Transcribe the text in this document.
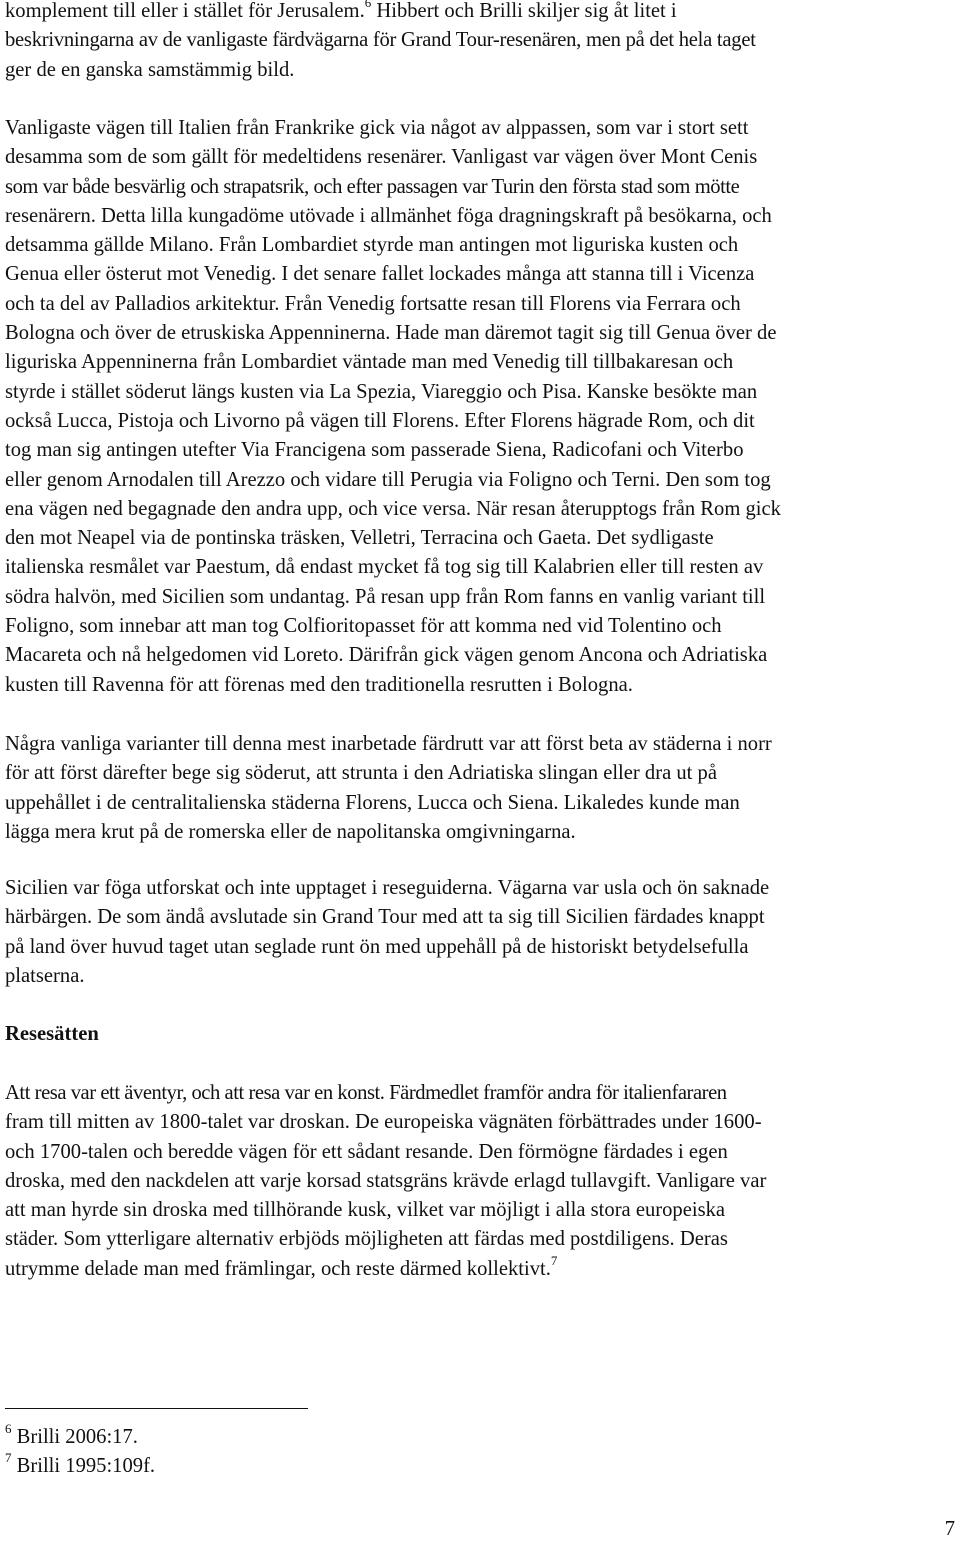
komplement till eller i stället för Jerusalem.$^6$ Hibbert och Brilli skiljer sig åt litet i
beskrivningarna av de vanligaste färdvägarna för Grand Tour-resenären, men på det hela taget
ger de en ganska samstämmig bild.
Vanligaste vägen till Italien från Frankrike gick via något av alppassen, som var i stort sett
desamma som de som gällt för medeltidens resenärer. Vanligast var vägen över Mont Cenis
som var både besvärlig och strapatsrik, och efter passagen var Turin den första stad som mötte
resenärern. Detta lilla kungadöme utövade i allmänhet föga dragningskraft på besökarna, och
detsamma gällde Milano. Från Lombardiet styrde man antingen mot liguriska kusten och
Genua eller österut mot Venedig. I det senare fallet lockades många att stanna till i Vicenza
och ta del av Palladios arkitektur. Från Venedig fortsatte resan till Florens via Ferrara och
Bologna och över de etruskiska Appenninerna. Hade man däremot tagit sig till Genua över de
liguriska Appenninerna från Lombardiet väntade man med Venedig till tillbakaresan och
styrde i stället söderut längs kusten via La Spezia, Viareggio och Pisa. Kanske besökte man
också Lucca, Pistoja och Livorno på vägen till Florens. Efter Florens hägrade Rom, och dit
tog man sig antingen utefter Via Francigena som passerade Siena, Radicofani och Viterbo
eller genom Arnodalen till Arezzo och vidare till Perugia via Foligno och Terni. Den som tog
ena vägen ned begagnade den andra upp, och vice versa. När resan återupptogs från Rom gick
den mot Neapel via de pontinska träsken, Velletri, Terracina och Gaeta. Det sydligaste
italienska resmålet var Paestum, då endast mycket få tog sig till Kalabrien eller till resten av
södra halvön, med Sicilien som undantag. På resan upp från Rom fanns en vanlig variant till
Foligno, som innebar att man tog Colfioritopasset för att komma ned vid Tolentino och
Macareta och nå helgedomen vid Loreto. Därifrån gick vägen genom Ancona och Adriatiska
kusten till Ravenna för att förenas med den traditionella resrutten i Bologna.
Några vanliga varianter till denna mest inarbetade färdrutt var att först beta av städerna i norr
för att först därefter bege sig söderut, att strunta i den Adriatiska slingan eller dra ut på
uppehållet i de centralitalienska städerna Florens, Lucca och Siena. Likaledes kunde man
lägga mera krut på de romerska eller de napolitanska omgivningarna.
Sicilien var föga utforskat och inte upptaget i reseguiderna. Vägarna var usla och ön saknade
härbärgen. De som ändå avslutade sin Grand Tour med att ta sig till Sicilien färdades knappt
på land över huvud taget utan seglade runt ön med uppehåll på de historiskt betydelsefulla
platserna.
Resesätten
Att resa var ett äventyr, och att resa var en konst. Färdmedlet framför andra för italienfararen
fram till mitten av 1800-talet var droskan. De europeiska vägnäten förbättrades under 1600-
och 1700-talen och beredde vägen för ett sådant resande. Den förmögne färdades i egen
droska, med den nackdelen att varje korsad statsgräns krävde erlagd tullavgift. Vanligare var
att man hyrde sin droska med tillhörande kusk, vilket var möjligt i alla stora europeiska
städer. Som ytterligare alternativ erbjöds möjligheten att färdas med postdiligens. Deras
utrymme delade man med främlingar, och reste därmed kollektivt.$^7$

$^6$ Brilli 2006:17.

$^7$ Brilli 1995:109f.

7
